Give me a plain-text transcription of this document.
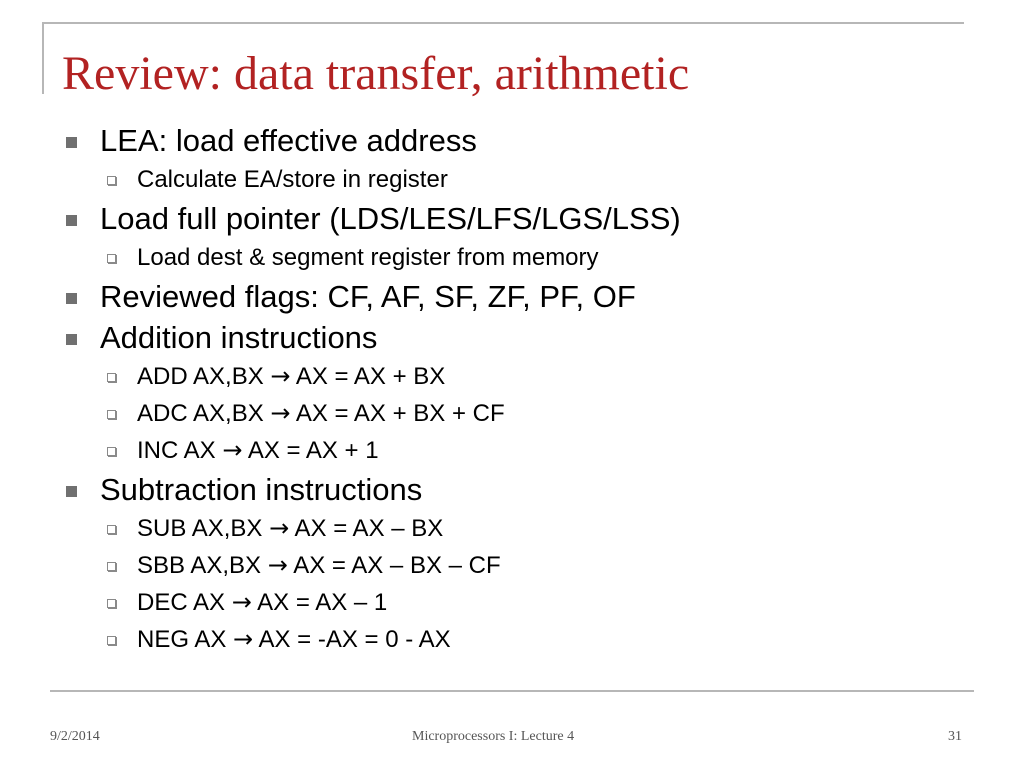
Review: data transfer, arithmetic
LEA: load effective address
Calculate EA/store in register
Load full pointer (LDS/LES/LFS/LGS/LSS)
Load dest & segment register from memory
Reviewed flags: CF, AF, SF, ZF, PF, OF
Addition instructions
ADD AX,BX → AX = AX + BX
ADC AX,BX → AX = AX + BX + CF
INC AX → AX = AX + 1
Subtraction instructions
SUB AX,BX → AX = AX – BX
SBB AX,BX → AX = AX – BX – CF
DEC AX → AX = AX – 1
NEG AX → AX = -AX = 0 - AX
9/2/2014	Microprocessors I: Lecture 4	31
